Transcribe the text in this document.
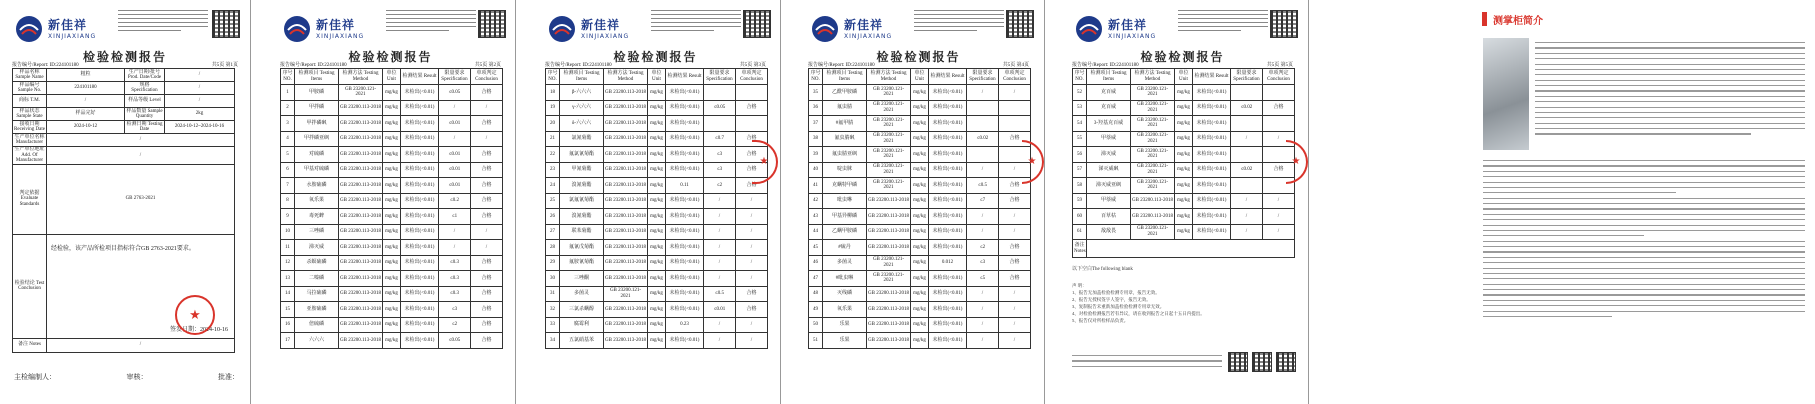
新佳祥
XINJIAXIANG
检验检测报告
报告编号/Report: ID:224101180	共5页 第1页
样品名称 Sample Name	粗粒	生产日期/批号 Prod. Date/Code	/
样品编号 Sample No.	224101180	规格 Specification	/
商标 T.M.	/	样品等级 Level	/
样品状态 Sample State	样品完好	样品数量 Sample Quantity	2kg
接收日期 Receiving Date	2024-10-12	检测日期 Testing Date	2024-10-12~2024-10-16
生产单位名称 Manufacturer	/		
生产单位地址 Add. Of Manufacturer	/		
判定依据 Evaluate Standards	GB 2763-2021		
检验结论 Test Conclusion	经检验，该产品所检项目指标符合GB 2763-2021要求。
签发日期：2024-10-16		

备注 Notes	/		
★
主检编制人：	审核：	批准：
新佳祥
XINJIAXIANG
检验检测报告
报告编号/Report: ID:224101180	共5页 第2页
序号 NO.	检测项目 Testing Items	检测方法 Testing Method	单位 Unit	检测结果 Result	限量要求 Specification	单项判定 Conclusion
1	甲胺磷	GB 23200.121-2021	mg/kg	未检出(<0.01)	≤0.05	合格
2	甲拌磷	GB 23200.113-2018	mg/kg	未检出(<0.01)	/	/
3	甲拌磷砜	GB 23200.113-2018	mg/kg	未检出(<0.01)	≤0.01	合格
4	甲拌磷亚砜	GB 23200.113-2018	mg/kg	未检出(<0.01)	/	/
5	对硫磷	GB 23200.113-2018	mg/kg	未检出(<0.01)	≤0.01	合格
6	甲基对硫磷	GB 23200.113-2018	mg/kg	未检出(<0.01)	≤0.01	合格
7	水胺硫磷	GB 23200.113-2018	mg/kg	未检出(<0.01)	≤0.01	合格
8	氧乐果	GB 23200.113-2018	mg/kg	未检出(<0.01)	≤0.2	合格
9	毒死蜱	GB 23200.113-2018	mg/kg	未检出(<0.01)	≤1	合格
10	三唑磷	GB 23200.113-2018	mg/kg	未检出(<0.01)	/	/
11	涕灭威	GB 23200.113-2018	mg/kg	未检出(<0.01)	/	/
12	杀螟硫磷	GB 23200.113-2018	mg/kg	未检出(<0.01)	≤0.3	合格
13	二嗪磷	GB 23200.113-2018	mg/kg	未检出(<0.01)	≤0.3	合格
14	马拉硫磷	GB 23200.113-2018	mg/kg	未检出(<0.01)	≤0.3	合格
15	亚胺硫磷	GB 23200.113-2018	mg/kg	未检出(<0.01)	≤3	合格
16	倍硫磷	GB 23200.113-2018	mg/kg	未检出(<0.01)	≤2	合格
17	六六六	GB 23200.113-2018	mg/kg	未检出(<0.01)	≤0.05	合格
新佳祥
XINJIAXIANG
检验检测报告
报告编号/Report: ID:224101180	共5页 第3页
序号 NO.	检测项目 Testing Items	检测方法 Testing Method	单位 Unit	检测结果 Result	限量要求 Specification	单项判定 Conclusion
18	β-六六六	GB 23200.113-2018	mg/kg	未检出(<0.01)		
19	γ-六六六	GB 23200.113-2018	mg/kg	未检出(<0.01)	≤0.05	合格
20	δ-六六六	GB 23200.113-2018	mg/kg	未检出(<0.01)		
21	氯氰菊酯	GB 23200.113-2018	mg/kg	未检出(<0.01)	≤0.7	合格
22	氟氯氰菊酯	GB 23200.113-2018	mg/kg	未检出(<0.01)	≤3	合格
23	甲氰菊酯	GB 23200.113-2018	mg/kg	未检出(<0.01)	≤3	合格
24	溴氰菊酯	GB 23200.113-2018	mg/kg	0.11	≤2	合格
25	氯氟氰菊酯	GB 23200.113-2018	mg/kg	未检出(<0.01)	/	/
26	溴氰菊酯	GB 23200.113-2018	mg/kg	未检出(<0.01)	/	/
27	联苯菊酯	GB 23200.113-2018	mg/kg	未检出(<0.01)	/	/
28	氟氰戊菊酯	GB 23200.113-2018	mg/kg	未检出(<0.01)	/	/
29	氟胺氰菊酯	GB 23200.113-2018	mg/kg	未检出(<0.01)	/	/
30	三唑酮	GB 23200.113-2018	mg/kg	未检出(<0.01)	/	/
31	多菌灵	GB 23200.121-2021	mg/kg	未检出(<0.01)	≤0.5	合格
32	三氯杀螨醇	GB 23200.113-2018	mg/kg	未检出(<0.01)	≤0.01	合格
33	腐霉利	GB 23200.113-2018	mg/kg	0.23	/	/
34	五氯硝基苯	GB 23200.113-2018	mg/kg	未检出(<0.01)	/	/
★
新佳祥
XINJIAXIANG
检验检测报告
报告编号/Report: ID:224101180	共5页 第4页
序号 NO.	检测项目 Testing Items	检测方法 Testing Method	单位 Unit	检测结果 Result	限量要求 Specification	单项判定 Conclusion
35	乙酰甲胺磷	GB 23200.121-2021	mg/kg	未检出(<0.01)	/	/
36	氟虫腈	GB 23200.121-2021	mg/kg	未检出(<0.01)		
37	#氟甲腈	GB 23200.121-2021	mg/kg	未检出(<0.01)		
38	氟虫腈砜	GB 23200.121-2021	mg/kg	未检出(<0.01)	≤0.02	合格
39	氟虫腈亚砜	GB 23200.121-2021	mg/kg	未检出(<0.01)		
40	啶虫脒	GB 23200.121-2021	mg/kg	未检出(<0.01)	/	/
41	克螨特甲磷	GB 23200.121-2021	mg/kg	未检出(<0.01)	≤0.5	合格
42	吡虫啉	GB 23200.113-2018	mg/kg	未检出(<0.01)	≤7	合格
43	甲基异柳磷	GB 23200.113-2018	mg/kg	未检出(<0.01)	/	/
44	乙螨甲胺磷	GB 23200.113-2018	mg/kg	未检出(<0.01)	/	/
45	#硫丹	GB 23200.113-2018	mg/kg	未检出(<0.01)	≤2	合格
46	多菌灵	GB 23200.121-2021	mg/kg	0.012	≤3	合格
47	#吡虫啉	GB 23200.121-2021	mg/kg	未检出(<0.01)	≤5	合格
48	灭线磷	GB 23200.113-2018	mg/kg	未检出(<0.01)	/	/
49	氧乐果	GB 23200.113-2018	mg/kg	未检出(<0.01)	/	/
50	乐果	GB 23200.113-2018	mg/kg	未检出(<0.01)	/	/
51	乐果	GB 23200.113-2018	mg/kg	未检出(<0.01)	/	/
★
新佳祥
XINJIAXIANG
检验检测报告
报告编号/Report: ID:224101180	共5页 第5页
序号 NO.	检测项目 Testing Items	检测方法 Testing Method	单位 Unit	检测结果 Result	限量要求 Specification	单项判定 Conclusion
52	克百威	GB 23200.121-2021	mg/kg	未检出(<0.01)		
53	克百威	GB 23200.121-2021	mg/kg	未检出(<0.01)	≤0.02	合格
54	3-羟基克百威	GB 23200.121-2021	mg/kg	未检出(<0.01)		
55	甲萘威	GB 23200.121-2021	mg/kg	未检出(<0.01)	/	/
56	涕灭威	GB 23200.121-2021	mg/kg	未检出(<0.01)		
57	涕灭威砜	GB 23200.121-2021	mg/kg	未检出(<0.01)	≤0.02	合格
58	涕灭威亚砜	GB 23200.121-2021	mg/kg	未检出(<0.01)		
59	甲萘威	GB 23200.113-2018	mg/kg	未检出(<0.01)	/	/
60	百草枯	GB 23200.113-2018	mg/kg	未检出(<0.01)	/	/
61	敌敌畏	GB 23200.121-2021	mg/kg	未检出(<0.01)	/	/
备注 Notes						
以下空白The following blank
声 明：
1、报告无加盖检验检测专用章，报告无效。
2、报告无授权签字人签字，报告无效。
3、复制报告未重新加盖检验检测专用章无效。
4、对检验检测报告若有异议，请在收到报告之日起十五日内提出。
5、报告仅对所检样品负责。
★
测掌柜简介
